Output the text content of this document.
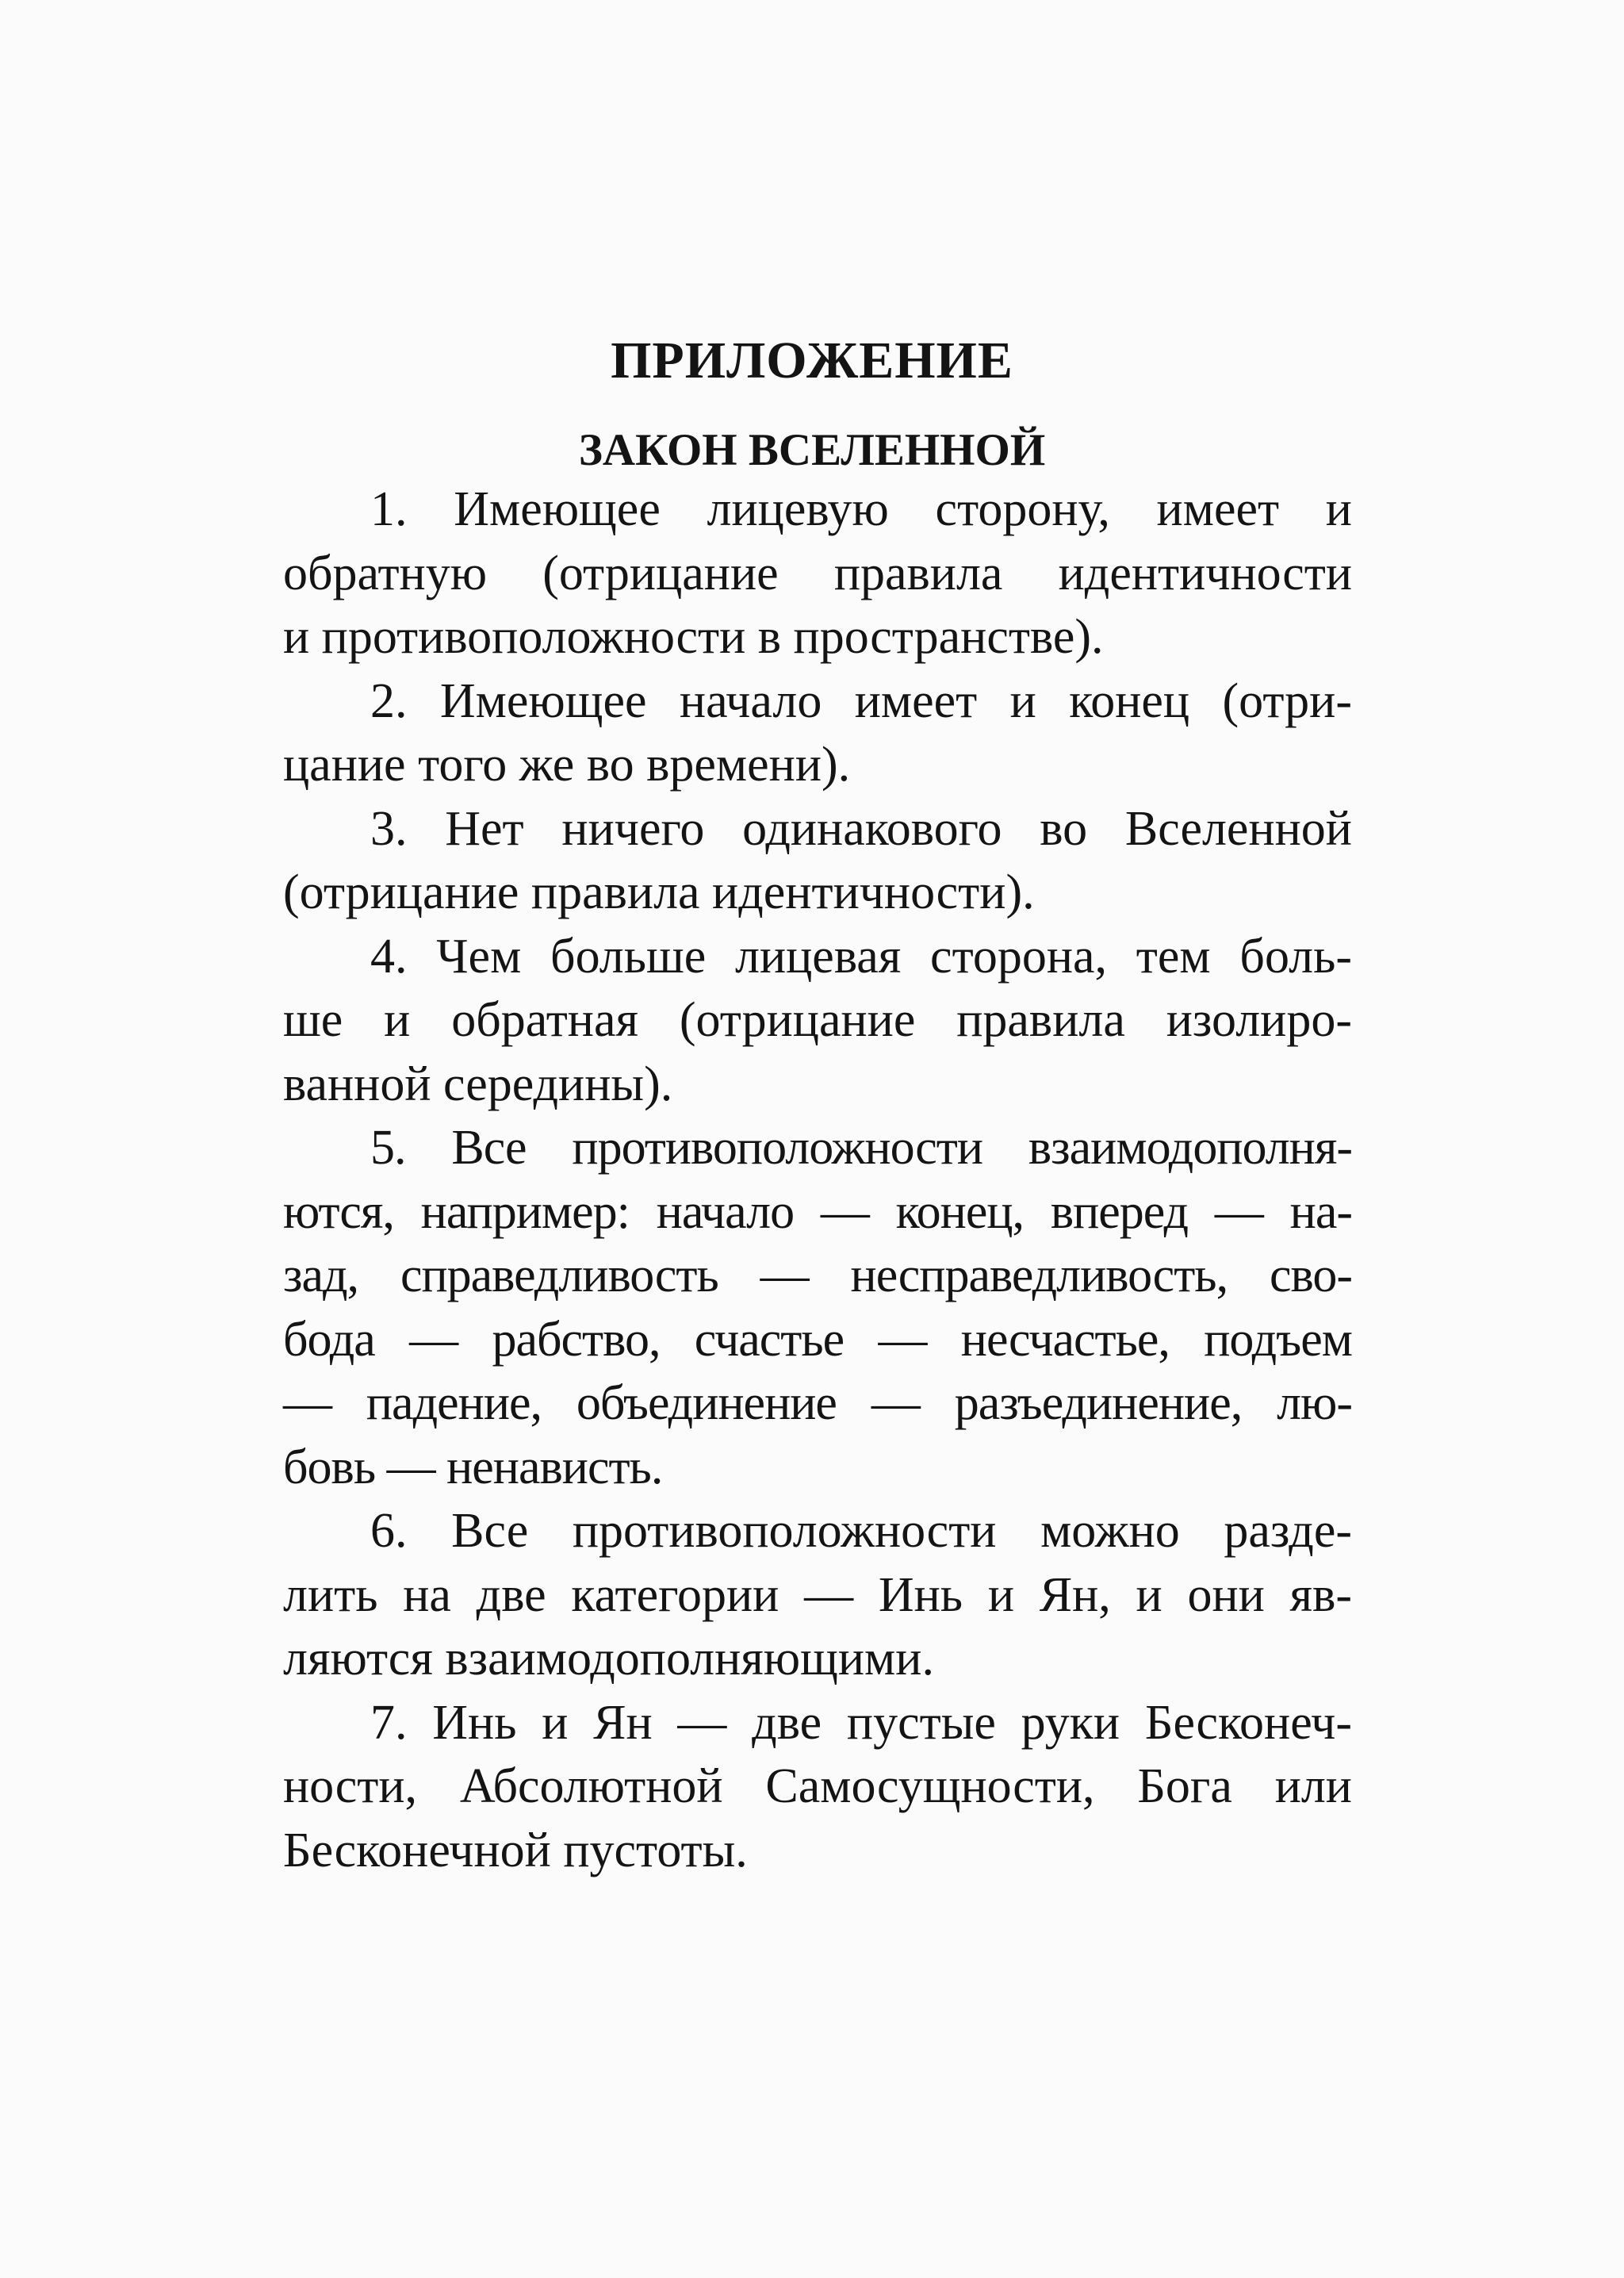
ПРИЛОЖЕНИЕ
ЗАКОН ВСЕЛЕННОЙ
1. Имеющее лицевую сторону, имеет и
обратную (отрицание правила идентичности
и противоположности в пространстве).
2. Имеющее начало имеет и конец (отри-
цание того же во времени).
3. Нет ничего одинакового во Вселенной
(отрицание правила идентичности).
4. Чем больше лицевая сторона, тем боль-
ше и обратная (отрицание правила изолиро-
ванной середины).
5. Все противоположности взаимодополня-
ются, например: начало — конец, вперед — на-
зад, справедливость — несправедливость, сво-
бода — рабство, счастье — несчастье, подъем
— падение, объединение — разъединение, лю-
бовь — ненависть.
6. Все противоположности можно разде-
лить на две категории — Инь и Ян, и они яв-
ляются взаимодополняющими.
7. Инь и Ян — две пустые руки Бесконеч-
ности, Абсолютной Самосущности, Бога или
Бесконечной пустоты.
